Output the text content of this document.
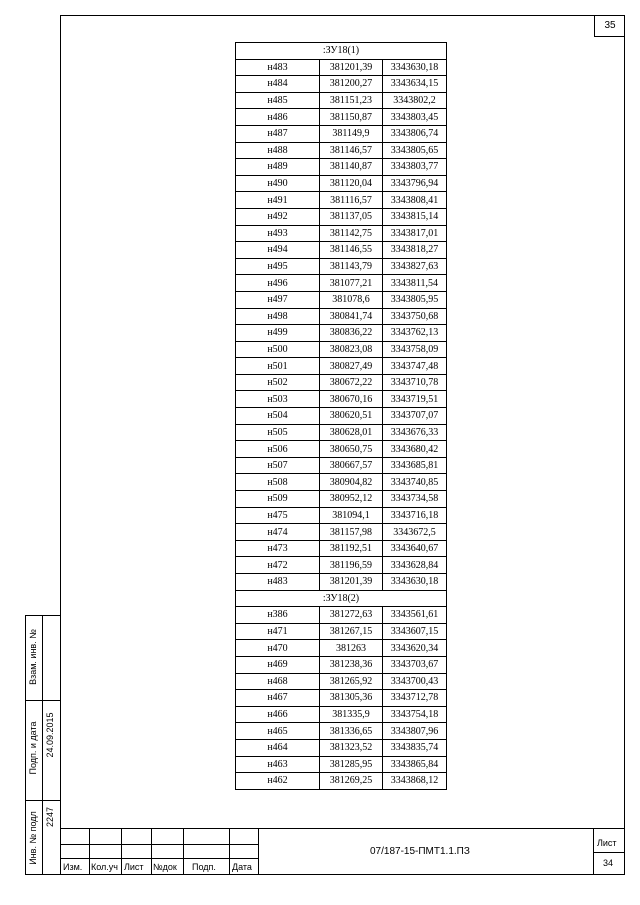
35
:ЗУ18(1)		
н483	381201,39	3343630,18
н484	381200,27	3343634,15
н485	381151,23	3343802,2
н486	381150,87	3343803,45
н487	381149,9	3343806,74
н488	381146,57	3343805,65
н489	381140,87	3343803,77
н490	381120,04	3343796,94
н491	381116,57	3343808,41
н492	381137,05	3343815,14
н493	381142,75	3343817,01
н494	381146,55	3343818,27
н495	381143,79	3343827,63
н496	381077,21	3343811,54
н497	381078,6	3343805,95
н498	380841,74	3343750,68
н499	380836,22	3343762,13
н500	380823,08	3343758,09
н501	380827,49	3343747,48
н502	380672,22	3343710,78
н503	380670,16	3343719,51
н504	380620,51	3343707,07
н505	380628,01	3343676,33
н506	380650,75	3343680,42
н507	380667,57	3343685,81
н508	380904,82	3343740,85
н509	380952,12	3343734,58
н475	381094,1	3343716,18
н474	381157,98	3343672,5
н473	381192,51	3343640,67
н472	381196,59	3343628,84
н483	381201,39	3343630,18
:ЗУ18(2)		
н386	381272,63	3343561,61
н471	381267,15	3343607,15
н470	381263	3343620,34
н469	381238,36	3343703,67
н468	381265,92	3343700,43
н467	381305,36	3343712,78
н466	381335,9	3343754,18
н465	381336,65	3343807,96
н464	381323,52	3343835,74
н463	381285,95	3343865,84
н462	381269,25	3343868,12
Взам. инв. №
Подп. и дата 24.09.2015
Инв. № подл 2247
Изм. Кол.уч Лист №док Подп. Дата
07/187-15-ПМТ1.1.ПЗ
Лист
34
